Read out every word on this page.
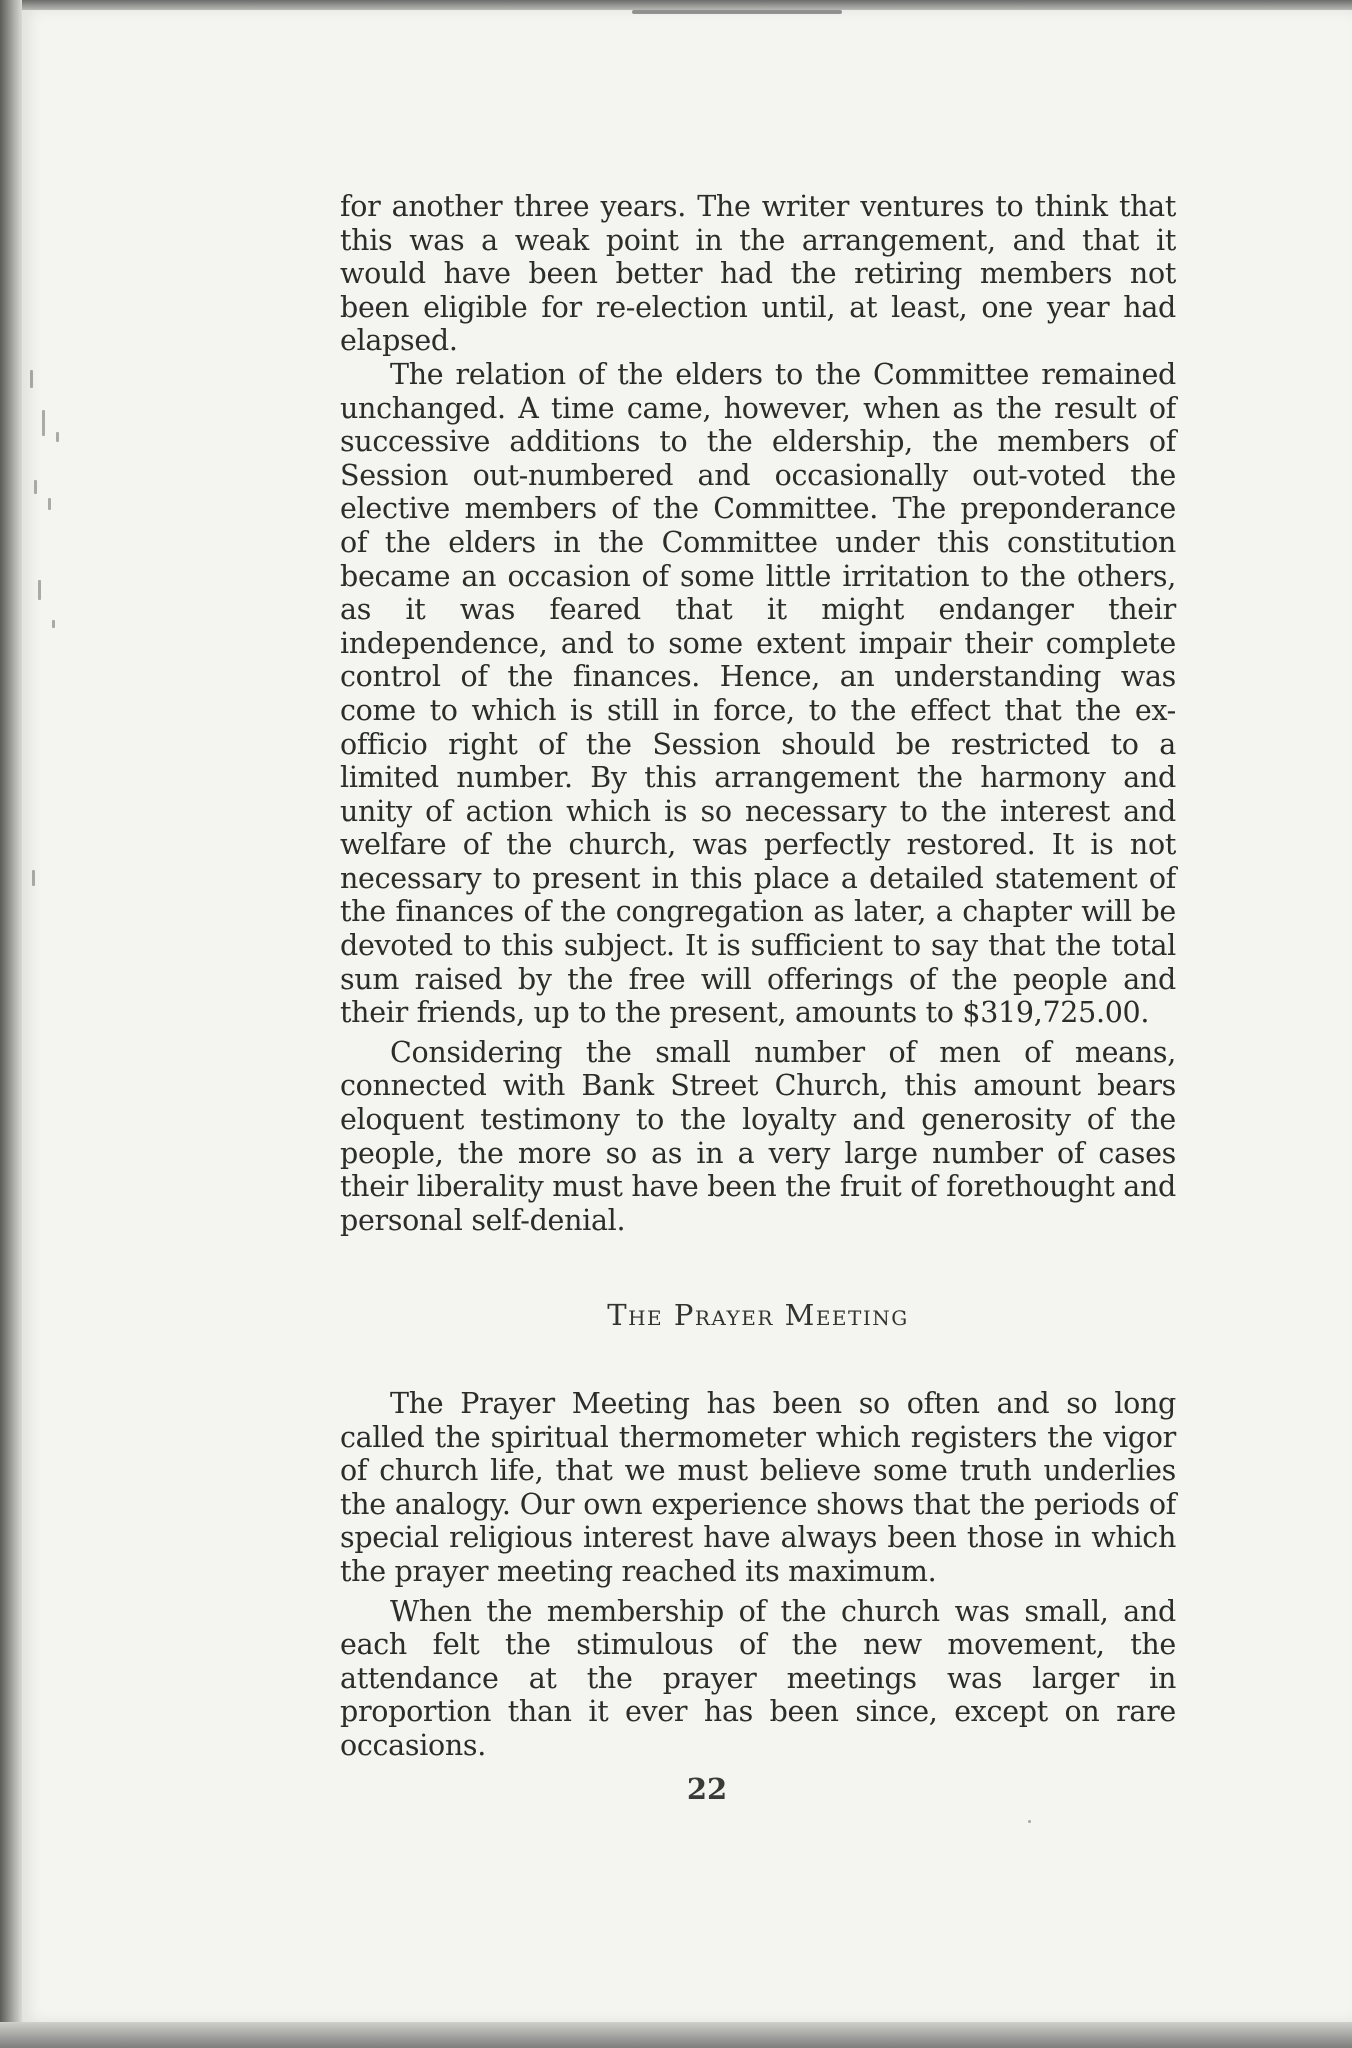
for another three years. The writer ventures to think that this was a weak point in the arrangement, and that it would have been better had the retiring members not been eligible for re-election until, at least, one year had elapsed.

The relation of the elders to the Committee remained unchanged. A time came, however, when as the result of successive additions to the eldership, the members of Session out-numbered and occasionally out-voted the elective members of the Committee. The preponderance of the elders in the Committee under this constitution became an occasion of some little irritation to the others, as it was feared that it might endanger their independence, and to some extent impair their complete control of the finances. Hence, an understanding was come to which is still in force, to the effect that the ex-officio right of the Session should be restricted to a limited number. By this arrangement the harmony and unity of action which is so necessary to the interest and welfare of the church, was perfectly restored. It is not necessary to present in this place a detailed statement of the finances of the congregation as later, a chapter will be devoted to this subject. It is sufficient to say that the total sum raised by the free will offerings of the people and their friends, up to the present, amounts to $319,725.00.

Considering the small number of men of means, connected with Bank Street Church, this amount bears eloquent testimony to the loyalty and generosity of the people, the more so as in a very large number of cases their liberality must have been the fruit of forethought and personal self-denial.

The Prayer Meeting

The Prayer Meeting has been so often and so long called the spiritual thermometer which registers the vigor of church life, that we must believe some truth underlies the analogy. Our own experience shows that the periods of special religious interest have always been those in which the prayer meeting reached its maximum.

When the membership of the church was small, and each felt the stimulous of the new movement, the attendance at the prayer meetings was larger in proportion than it ever has been since, except on rare occasions.

22
